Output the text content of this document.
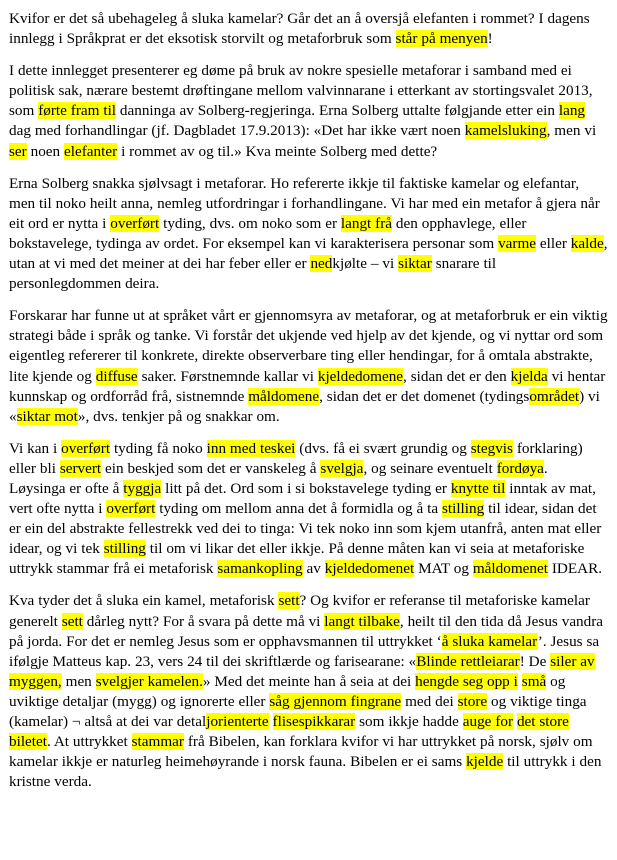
Kvifor er det så ubehageleg å sluka kamelar? Går det an å oversjå elefanten i rommet? I dagens innlegg i Språkprat er det eksotisk storvilt og metaforbruk som står på menyen!

I dette innlegget presenterer eg døme på bruk av nokre spesielle metaforar i samband med ei politisk sak, nærare bestemt drøftingane mellom valvinnarane i etterkant av stortingsvalet 2013, som førte fram til danninga av Solberg-regjeringa. Erna Solberg uttalte følgjande etter ein lang dag med forhandlingar (jf. Dagbladet 17.9.2013): «Det har ikke vært noen kamelsluking, men vi ser noen elefanter i rommet av og til.» Kva meinte Solberg med dette?

Erna Solberg snakka sjølvsagt i metaforar. Ho refererte ikkje til faktiske kamelar og elefantar, men til noko heilt anna, nemleg utfordringar i forhandlingane. Vi har med ein metafor å gjera når eit ord er nytta i overført tyding, dvs. om noko som er langt frå den opphavlege, eller bokstavelege, tydinga av ordet. For eksempel kan vi karakterisera personar som varme eller kalde, utan at vi med det meiner at dei har feber eller er nedkjølte – vi siktar snarare til personlegdommen deira.

Forskarar har funne ut at språket vårt er gjennomsyra av metaforar, og at metaforbruk er ein viktig strategi både i språk og tanke. Vi forstår det ukjende ved hjelp av det kjende, og vi nyttar ord som eigentleg refererer til konkrete, direkte observerbare ting eller hendingar, for å omtala abstrakte, lite kjende og diffuse saker. Førstnemnde kallar vi kjeldedomene, sidan det er den kjelda vi hentar kunnskap og ordforråd frå, sistnemnde måldomene, sidan det er det domenet (tydingsområdet) vi «siktar mot», dvs. tenkjer på og snakkar om.

Vi kan i overført tyding få noko inn med teskei (dvs. få ei svært grundig og stegvis forklaring) eller bli servert ein beskjed som det er vanskeleg å svelgja, og seinare eventuelt fordøya. Løysinga er ofte å tyggja litt på det. Ord som i si bokstavelege tyding er knytte til inntak av mat, vert ofte nytta i overført tyding om mellom anna det å formidla og å ta stilling til idear, sidan det er ein del abstrakte fellestrekk ved dei to tinga: Vi tek noko inn som kjem utanfrå, anten mat eller idear, og vi tek stilling til om vi likar det eller ikkje. På denne måten kan vi seia at metaforiske uttrykk stammar frå ei metaforisk samankopling av kjeldedomenet MAT og måldomenet IDEAR.

Kva tyder det å sluka ein kamel, metaforisk sett? Og kvifor er referanse til metaforiske kamelar generelt sett dårleg nytt? For å svara på dette må vi langt tilbake, heilt til den tida då Jesus vandra på jorda. For det er nemleg Jesus som er opphavsmannen til uttrykket ‘å sluka kamelar’. Jesus sa ifølgje Matteus kap. 23, vers 24 til dei skriftlærde og farisearane: «Blinde rettleiarar! De siler av myggen, men svelgjer kamelen.» Med det meinte han å seia at dei hengde seg opp i små og uviktige detaljar (mygg) og ignorerte eller såg gjennom fingrane med dei store og viktige tinga (kamelar) ¬ altså at dei var detaljorienterte flisespikkarar som ikkje hadde auge for det store biletet. At uttrykket stammar frå Bibelen, kan forklara kvifor vi har uttrykket på norsk, sjølv om kamelar ikkje er naturleg heimehøyrande i norsk fauna. Bibelen er ei sams kjelde til uttrykk i den kristne verda.
